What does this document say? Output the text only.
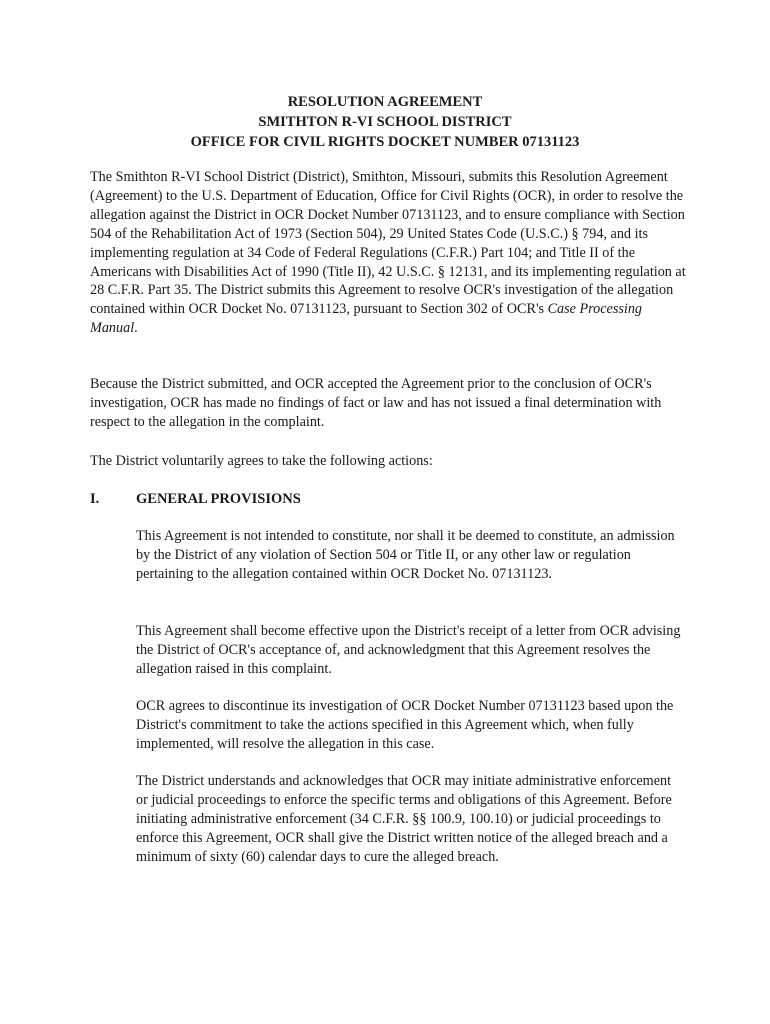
RESOLUTION AGREEMENT
SMITHTON R-VI SCHOOL DISTRICT
OFFICE FOR CIVIL RIGHTS DOCKET NUMBER 07131123

The Smithton R-VI School District (District), Smithton, Missouri, submits this Resolution Agreement (Agreement) to the U.S. Department of Education, Office for Civil Rights (OCR), in order to resolve the allegation against the District in OCR Docket Number 07131123, and to ensure compliance with Section 504 of the Rehabilitation Act of 1973 (Section 504), 29 United States Code (U.S.C.) § 794, and its implementing regulation at 34 Code of Federal Regulations (C.F.R.) Part 104; and Title II of the Americans with Disabilities Act of 1990 (Title II), 42 U.S.C. § 12131, and its implementing regulation at 28 C.F.R. Part 35. The District submits this Agreement to resolve OCR's investigation of the allegation contained within OCR Docket No. 07131123, pursuant to Section 302 of OCR's Case Processing Manual.

Because the District submitted, and OCR accepted the Agreement prior to the conclusion of OCR's investigation, OCR has made no findings of fact or law and has not issued a final determination with respect to the allegation in the complaint.

The District voluntarily agrees to take the following actions:

I.	GENERAL PROVISIONS

This Agreement is not intended to constitute, nor shall it be deemed to constitute, an admission by the District of any violation of Section 504 or Title II, or any other law or regulation pertaining to the allegation contained within OCR Docket No. 07131123.

This Agreement shall become effective upon the District's receipt of a letter from OCR advising the District of OCR's acceptance of, and acknowledgment that this Agreement resolves the allegation raised in this complaint.

OCR agrees to discontinue its investigation of OCR Docket Number 07131123 based upon the District's commitment to take the actions specified in this Agreement which, when fully implemented, will resolve the allegation in this case.

The District understands and acknowledges that OCR may initiate administrative enforcement or judicial proceedings to enforce the specific terms and obligations of this Agreement. Before initiating administrative enforcement (34 C.F.R. §§ 100.9, 100.10) or judicial proceedings to enforce this Agreement, OCR shall give the District written notice of the alleged breach and a minimum of sixty (60) calendar days to cure the alleged breach.
